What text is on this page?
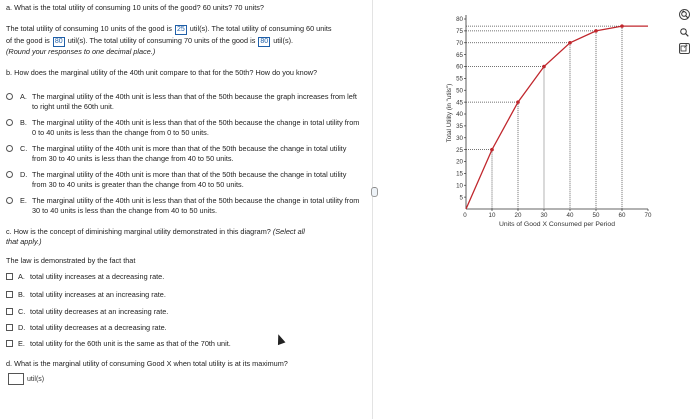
a. What is the total utility of consuming 10 units of the good? 60 units? 70 units?
The total utility of consuming 10 units of the good is 25 util(s). The total utility of consuming 60 units
of the good is 80 util(s). The total utility of consuming 70 units of the good is 80 util(s).
(Round your responses to one decimal place.)
b. How does the marginal utility of the 40th unit compare to that for the 50th? How do you know?
A. The marginal utility of the 40th unit is less than that of the 50th because the graph increases from left to right until the 60th unit.
B. The marginal utility of the 40th unit is less than that of the 50th because the change in total utility from 0 to 40 units is less than the change from 0 to 50 units.
C. The marginal utility of the 40th unit is more than that of the 50th because the change in total utility from 30 to 40 units is less than the change from 40 to 50 units.
D. The marginal utility of the 40th unit is more than that of the 50th because the change in total utility from 30 to 40 units is greater than the change from 40 to 50 units.
E. The marginal utility of the 40th unit is less than that of the 50th because the change in total utility from 30 to 40 units is less than the change from 40 to 50 units.
c. How is the concept of diminishing marginal utility demonstrated in this diagram? (Select all
that apply.)
The law is demonstrated by the fact that
A. total utility increases at a decreasing rate.
B. total utility increases at an increasing rate.
C. total utility decreases at an increasing rate.
D. total utility decreases at a decreasing rate.
E. total utility for the 60th unit is the same as that of the 70th unit.
d. What is the marginal utility of consuming Good X when total utility is at its maximum?
util(s)
...
5
10
15
20
25
30
35
40
45
50
55
60
65
70
75
80
10	20	30	40	50	60	70
0
Units of Good X Consumed per Period
Total Utility (in "utils")
+
−
↗
